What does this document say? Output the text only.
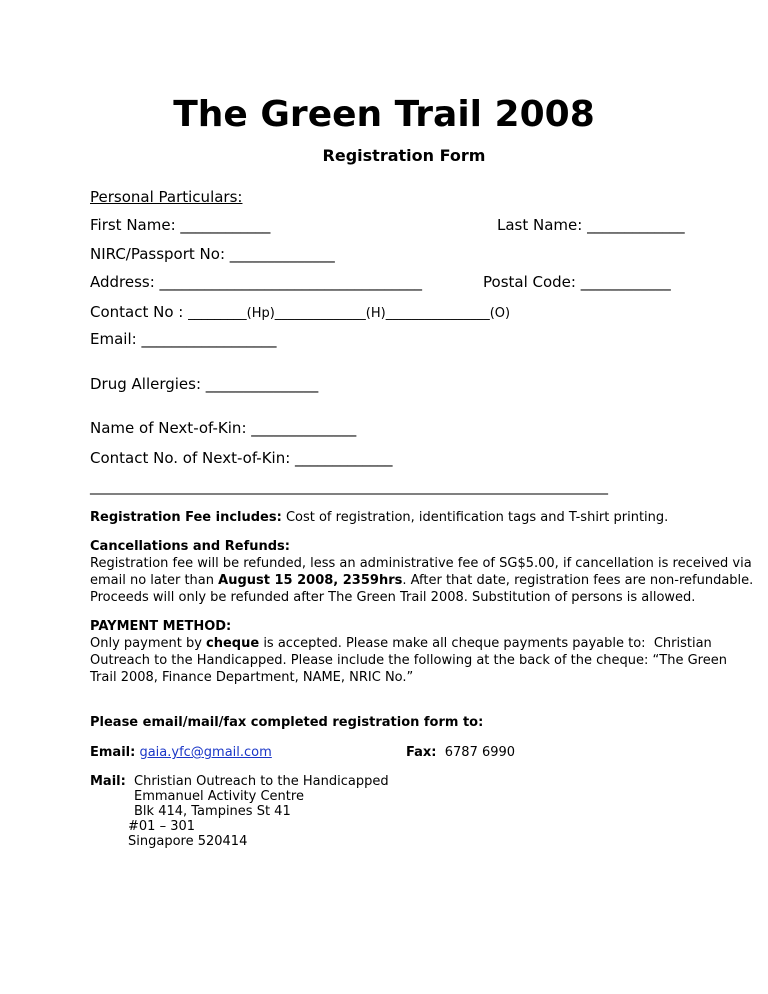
The Green Trail 2008
Registration Form
Personal Particulars:
First Name: ____________	Last Name: _____________
NIRC/Passport No: ______________
Address: ___________________________________	Postal Code: ____________
Contact No : _________(Hp)______________(H)________________(O)
Email: __________________
Drug Allergies: _______________
Name of Next-of-Kin: ______________
Contact No. of Next-of-Kin: _____________
__________________________________________________________________________
Registration Fee includes: Cost of registration, identification tags and T-shirt printing.
Cancellations and Refunds:
Registration fee will be refunded, less an administrative fee of SG$5.00, if cancellation is received via
email no later than August 15 2008, 2359hrs. After that date, registration fees are non-refundable.
Proceeds will only be refunded after The Green Trail 2008. Substitution of persons is allowed.
PAYMENT METHOD:
Only payment by cheque is accepted. Please make all cheque payments payable to:  Christian
Outreach to the Handicapped. Please include the following at the back of the cheque: “The Green
Trail 2008, Finance Department, NAME, NRIC No.”
Please email/mail/fax completed registration form to:
Email: gaia.yfc@gmail.com	Fax: 6787 6990
Mail: Christian Outreach to the Handicapped
Emmanuel Activity Centre
Blk 414, Tampines St 41
#01 – 301
Singapore 520414
